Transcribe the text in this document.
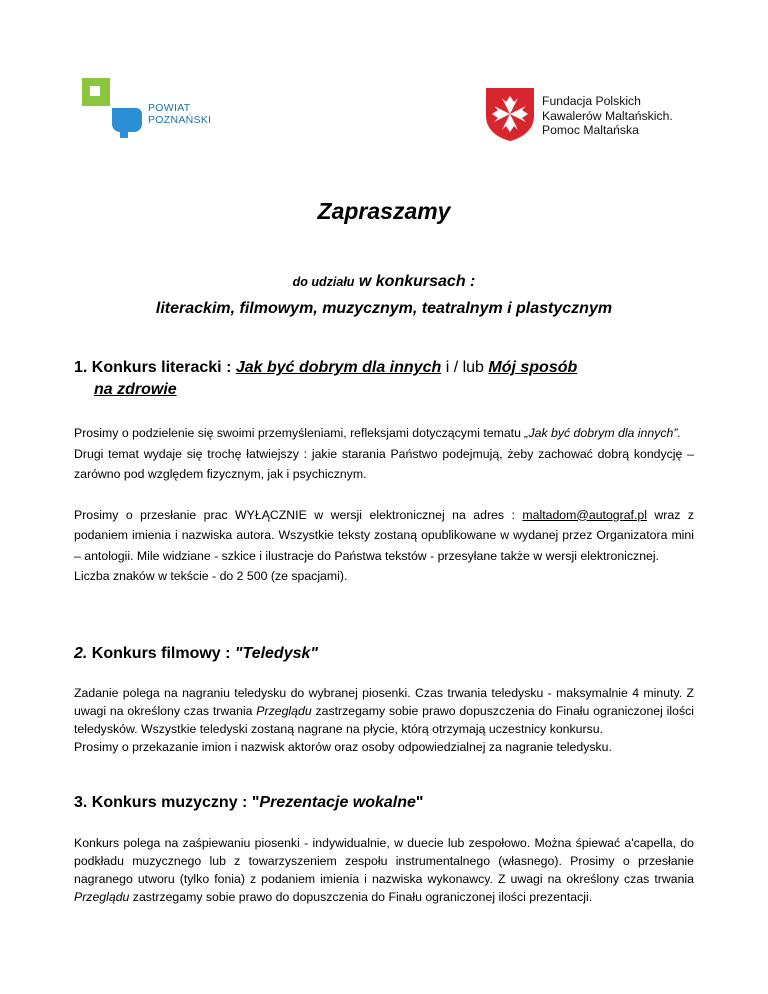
POWIAT
POZNAŃSKI
Fundacja Polskich
Kawalerów Maltańskich.
Pomoc Maltańska
Zapraszamy
do udziału w konkursach :
literackim, filmowym, muzycznym, teatralnym i plastycznym
1. Konkurs literacki : Jak być dobrym dla innych i / lub Mój sposób
na zdrowie

Prosimy o podzielenie się swoimi przemyśleniami, refleksjami dotyczącymi tematu „Jak być dobrym dla innych”.

Drugi temat wydaje się trochę łatwiejszy : jakie starania Państwo podejmują, żeby zachować dobrą kondycję – zarówno pod względem fizycznym, jak i psychicznym.

Prosimy o przesłanie prac WYŁĄCZNIE w wersji elektronicznej na adres : maltadom@autograf.pl wraz z podaniem imienia i nazwiska autora. Wszystkie teksty zostaną opublikowane w wydanej przez Organizatora mini – antologii. Mile widziane - szkice i ilustracje do Państwa tekstów - przesyłane także w wersji elektronicznej.

Liczba znaków w tekście - do 2 500 (ze spacjami).

2. Konkurs filmowy : "Teledysk"

Zadanie polega na nagraniu teledysku do wybranej piosenki. Czas trwania teledysku - maksymalnie 4 minuty. Z uwagi na określony czas trwania Przeglądu zastrzegamy sobie prawo dopuszczenia do Finału ograniczonej ilości teledysków. Wszystkie teledyski zostaną nagrane na płycie, którą otrzymają uczestnicy konkursu.

Prosimy o przekazanie imion i nazwisk aktorów oraz osoby odpowiedzialnej za nagranie teledysku.

3. Konkurs muzyczny : "Prezentacje wokalne"

Konkurs polega na zaśpiewaniu piosenki - indywidualnie, w duecie lub zespołowo. Można śpiewać a'capella, do podkładu muzycznego lub z towarzyszeniem zespołu instrumentalnego (własnego). Prosimy o przesłanie nagranego utworu (tylko fonia) z podaniem imienia i nazwiska wykonawcy. Z uwagi na określony czas trwania Przeglądu zastrzegamy sobie prawo do dopuszczenia do Finału ograniczonej ilości prezentacji.
